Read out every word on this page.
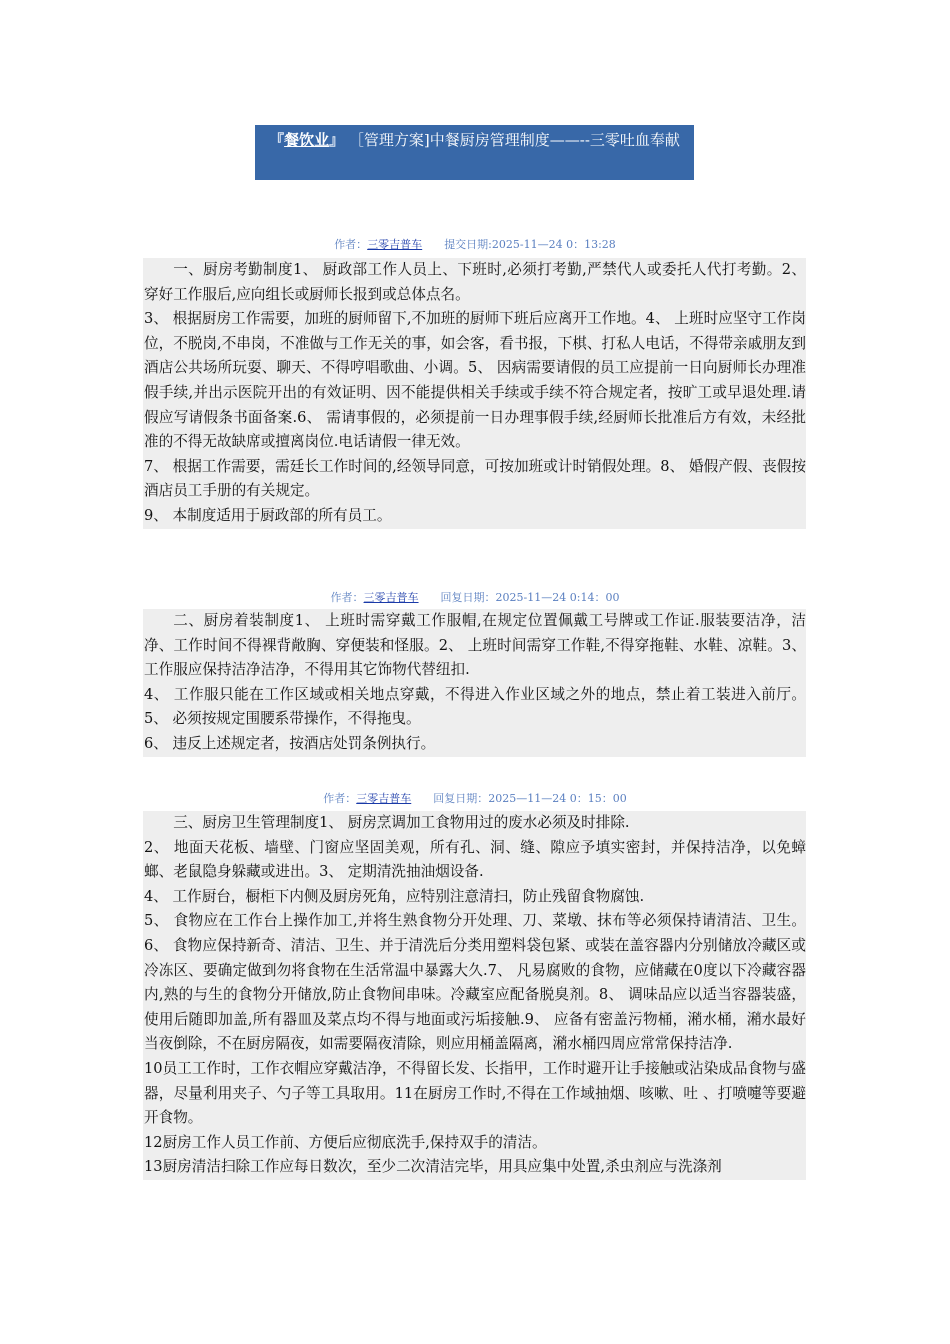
『餐饮业』 ［管理方案]中餐厨房管理制度——--三零吐血奉献
作者：三零吉普车 提交日期:2025-11—24 0：13:28

一、厨房考勤制度1、 厨政部工作人员上、下班时,必须打考勤,严禁代人或委托人代打考勤。2、 穿好工作服后,应向组长或厨师长报到或总体点名。

3、 根据厨房工作需要，加班的厨师留下,不加班的厨师下班后应离开工作地。4、 上班时应坚守工作岗位，不脱岗,不串岗，不准做与工作无关的事，如会客，看书报，下棋、打私人电话，不得带亲戚朋友到酒店公共场所玩耍、聊天、不得哼唱歌曲、小调。5、 因病需要请假的员工应提前一日向厨师长办理准假手续,并出示医院开出的有效证明、因不能提供相关手续或手续不符合规定者，按旷工或早退处理.请假应写请假条书面备案.6、 需请事假的，必须提前一日办理事假手续,经厨师长批准后方有效，未经批准的不得无故缺席或擅离岗位.电话请假一律无效。

7、 根据工作需要，需廷长工作时间的,经领导同意，可按加班或计时销假处理。8、 婚假产假、丧假按酒店员工手册的有关规定。

9、 本制度适用于厨政部的所有员工。

作者：三零吉普车 回复日期：2025-11—24 0:14：00

二、厨房着装制度1、 上班时需穿戴工作服帽,在规定位置佩戴工号牌或工作证.服装要洁净，洁净、工作时间不得裸背敞胸、穿便装和怪服。2、 上班时间需穿工作鞋,不得穿拖鞋、水鞋、凉鞋。3、 工作服应保持洁净洁净，不得用其它饰物代替纽扣.

4、 工作服只能在工作区域或相关地点穿戴，不得进入作业区域之外的地点，禁止着工装进入前厅。5、 必须按规定围腰系带操作，不得拖曳。

6、 违反上述规定者，按酒店处罚条例执行。

作者：三零吉普车 回复日期：2025—11—24 0：15：00

三、厨房卫生管理制度1、 厨房烹调加工食物用过的废水必须及时排除.

2、 地面天花板、墙壁、门窗应坚固美观，所有孔、洞、缝、隙应予填实密封，并保持洁净，以免蟑螂、老鼠隐身躲藏或进出。3、 定期清洗抽油烟设备.

4、 工作厨台，橱柜下内侧及厨房死角，应特别注意清扫，防止残留食物腐蚀.

5、 食物应在工作台上操作加工,并将生熟食物分开处理、刀、菜墩、抹布等必须保持请清洁、卫生。6、 食物应保持新奇、清洁、卫生、并于清洗后分类用塑料袋包紧、或装在盖容器内分别储放冷藏区或冷冻区、要确定做到勿将食物在生活常温中暴露大久.7、 凡易腐败的食物，应储藏在0度以下冷藏容器内,熟的与生的食物分开储放,防止食物间串味。冷藏室应配备脱臭剂。8、 调味品应以适当容器装盛，使用后随即加盖,所有器皿及菜点均不得与地面或污垢接触.9、 应备有密盖污物桶，潲水桶，潲水最好当夜倒除，不在厨房隔夜，如需要隔夜清除，则应用桶盖隔离，潲水桶四周应常常保持洁净.

10员工工作时，工作衣帽应穿戴洁净，不得留长发、长指甲，工作时避开让手接触或沾染成品食物与盛器，尽量利用夹子、勺子等工具取用。11在厨房工作时,不得在工作域抽烟、咳嗽、吐 、打喷嚏等要避开食物。

12厨房工作人员工作前、方便后应彻底洗手,保持双手的清洁。

13厨房清洁扫除工作应每日数次，至少二次清洁完毕，用具应集中处置,杀虫剂应与洗涤剂
